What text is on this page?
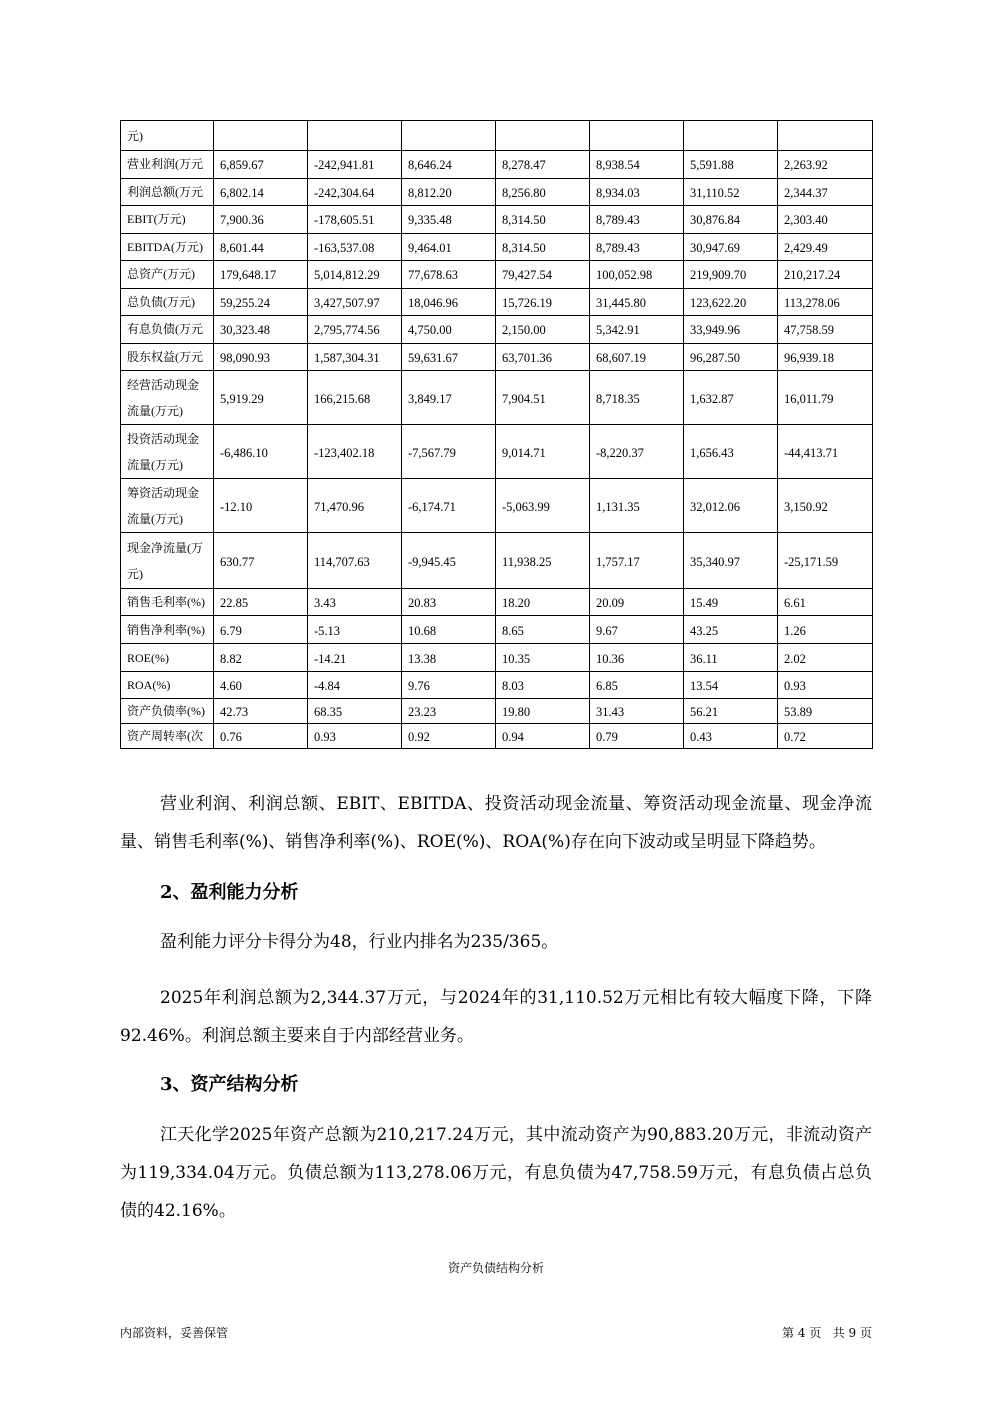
元)							
营业利润(万元	6,859.67	-242,941.81	8,646.24	8,278.47	8,938.54	5,591.88	2,263.92
利润总额(万元	6,802.14	-242,304.64	8,812.20	8,256.80	8,934.03	31,110.52	2,344.37
EBIT(万元)	7,900.36	-178,605.51	9,335.48	8,314.50	8,789.43	30,876.84	2,303.40
EBITDA(万元)	8,601.44	-163,537.08	9,464.01	8,314.50	8,789.43	30,947.69	2,429.49
总资产(万元)	179,648.17	5,014,812.29	77,678.63	79,427.54	100,052.98	219,909.70	210,217.24
总负债(万元)	59,255.24	3,427,507.97	18,046.96	15,726.19	31,445.80	123,622.20	113,278.06
有息负债(万元	30,323.48	2,795,774.56	4,750.00	2,150.00	5,342.91	33,949.96	47,758.59
股东权益(万元	98,090.93	1,587,304.31	59,631.67	63,701.36	68,607.19	96,287.50	96,939.18
经营活动现金流量(万元)	5,919.29	166,215.68	3,849.17	7,904.51	8,718.35	1,632.87	16,011.79
投资活动现金流量(万元)	-6,486.10	-123,402.18	-7,567.79	9,014.71	-8,220.37	1,656.43	-44,413.71
筹资活动现金流量(万元)	-12.10	71,470.96	-6,174.71	-5,063.99	1,131.35	32,012.06	3,150.92
现金净流量(万元)	630.77	114,707.63	-9,945.45	11,938.25	1,757.17	35,340.97	-25,171.59
销售毛利率(%)	22.85	3.43	20.83	18.20	20.09	15.49	6.61
销售净利率(%)	6.79	-5.13	10.68	8.65	9.67	43.25	1.26
ROE(%)	8.82	-14.21	13.38	10.35	10.36	36.11	2.02
ROA(%)	4.60	-4.84	9.76	8.03	6.85	13.54	0.93
资产负债率(%)	42.73	68.35	23.23	19.80	31.43	56.21	53.89
资产周转率(次	0.76	0.93	0.92	0.94	0.79	0.43	0.72

营业利润、利润总额、EBIT、EBITDA、投资活动现金流量、筹资活动现金流量、现金净流量、销售毛利率(%)、销售净利率(%)、ROE(%)、ROA(%)存在向下波动或呈明显下降趋势。

2、盈利能力分析

盈利能力评分卡得分为48，行业内排名为235/365。

2025年利润总额为2,344.37万元，与2024年的31,110.52万元相比有较大幅度下降，下降92.46%。利润总额主要来自于内部经营业务。

3、资产结构分析

江天化学2025年资产总额为210,217.24万元，其中流动资产为90,883.20万元，非流动资产为119,334.04万元。负债总额为113,278.06万元，有息负债为47,758.59万元，有息负债占总负债的42.16%。

资产负债结构分析
内部资料，妥善保管	第 4 页   共 9 页
